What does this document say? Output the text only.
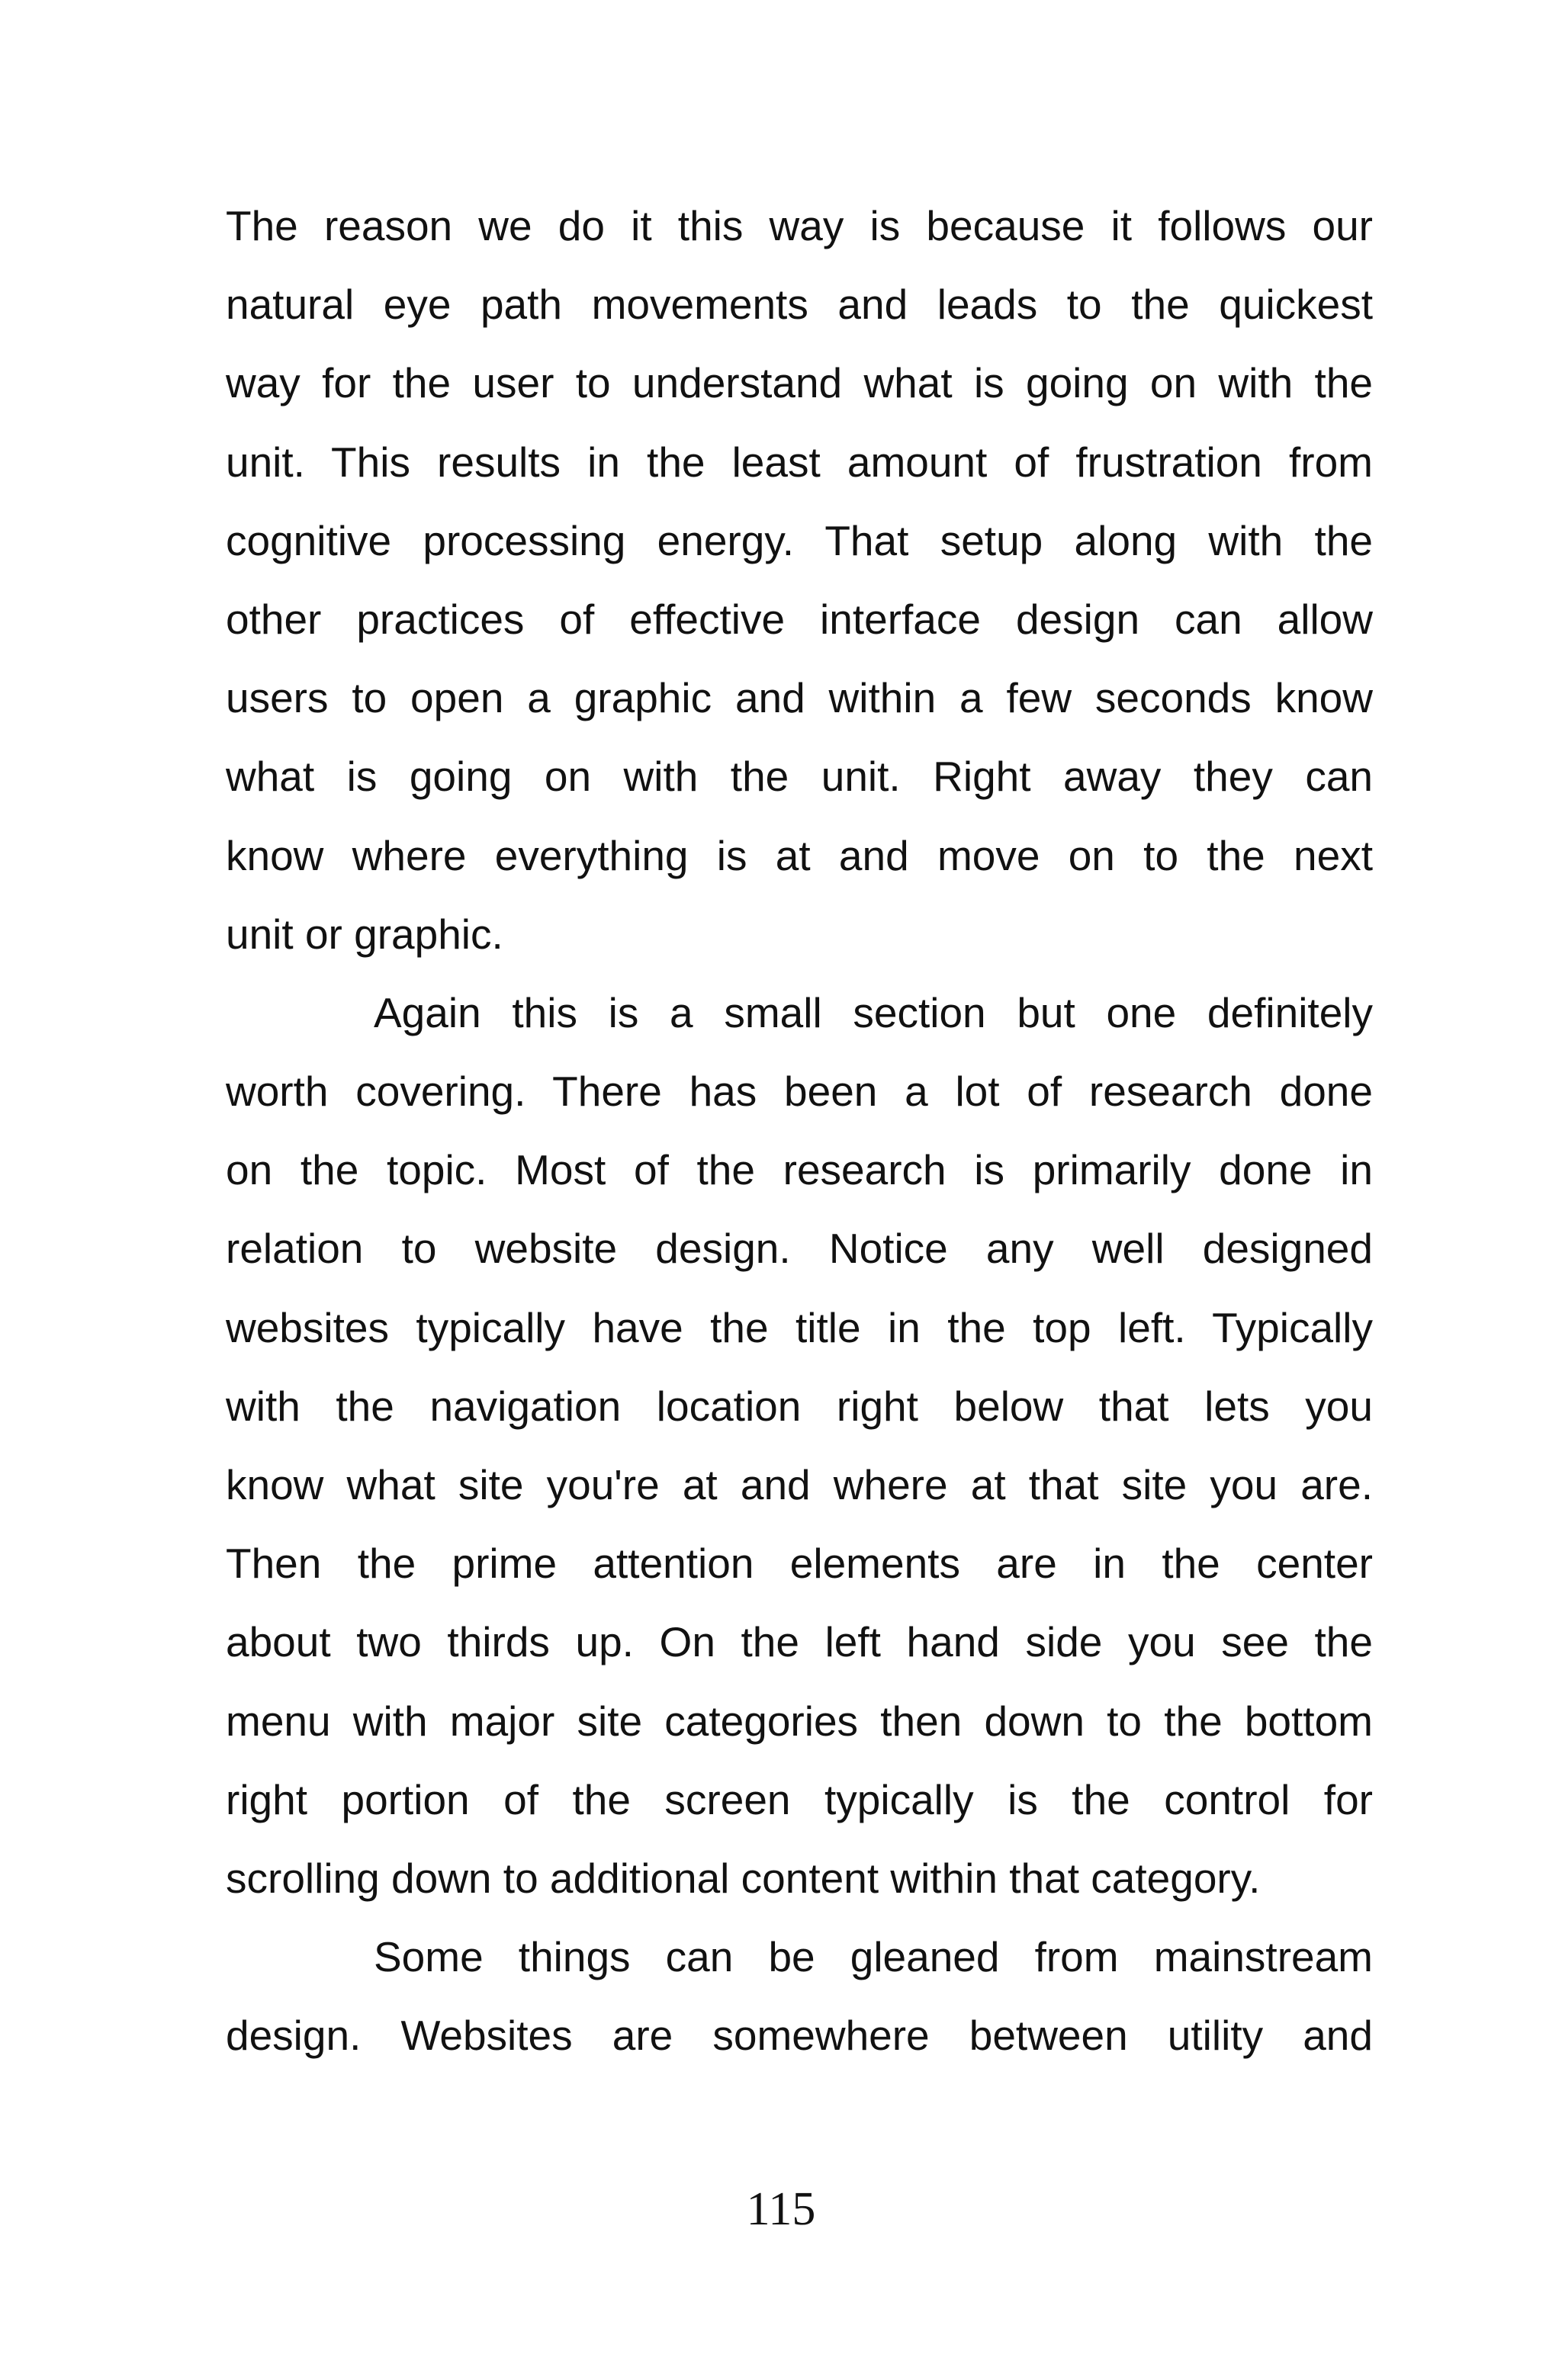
The reason we do it this way is because it follows our
natural eye path movements and leads to the quickest
way for the user to understand what is going on with the
unit. This results in the least amount of frustration from
cognitive processing energy. That setup along with the
other practices of effective interface design can allow
users to open a graphic and within a few seconds know
what is going on with the unit. Right away they can
know where everything is at and move on to the next
unit or graphic.
Again this is a small section but one definitely
worth covering. There has been a lot of research done
on the topic. Most of the research is primarily done in
relation to website design. Notice any well designed
websites typically have the title in the top left. Typically
with the navigation location right below that lets you
know what site you're at and where at that site you are.
Then the prime attention elements are in the center
about two thirds up. On the left hand side you see the
menu with major site categories then down to the bottom
right portion of the screen typically is the control for
scrolling down to additional content within that category.
Some things can be gleaned from mainstream
design. Websites are somewhere between utility and
115
